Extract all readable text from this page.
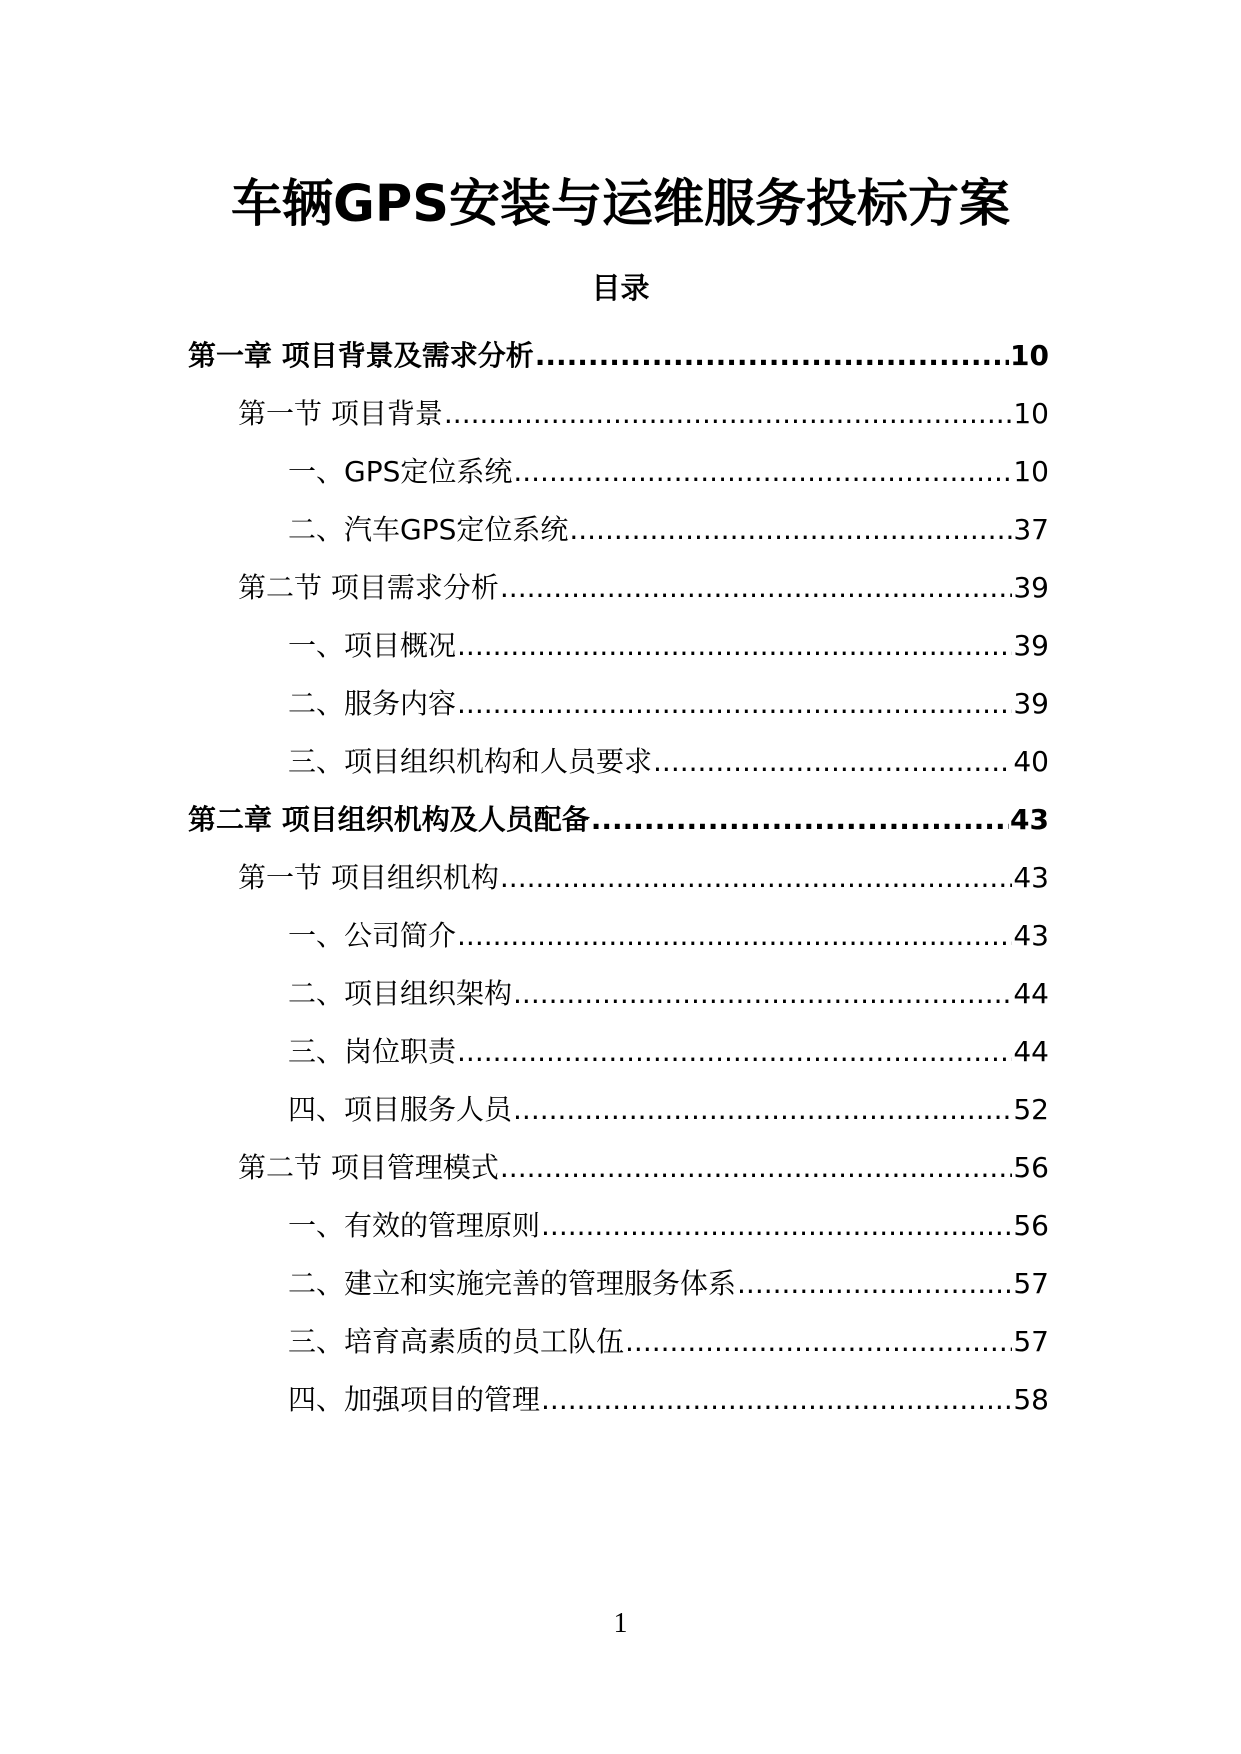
车辆GPS安装与运维服务投标方案
目录
第一章 项目背景及需求分析 .....	10
第一节 项目背景 .....	10
一、GPS定位系统 .....	10
二、汽车GPS定位系统 .....	37
第二节 项目需求分析 .....	39
一、项目概况 .....	39
二、服务内容 .....	39
三、项目组织机构和人员要求 .....	40
第二章 项目组织机构及人员配备 .....	43
第一节 项目组织机构 .....	43
一、公司简介 .....	43
二、项目组织架构 .....	44
三、岗位职责 .....	44
四、项目服务人员 .....	52
第二节 项目管理模式 .....	56
一、有效的管理原则 .....	56
二、建立和实施完善的管理服务体系 .....	57
三、培育高素质的员工队伍 .....	57
四、加强项目的管理 .....	58
1
